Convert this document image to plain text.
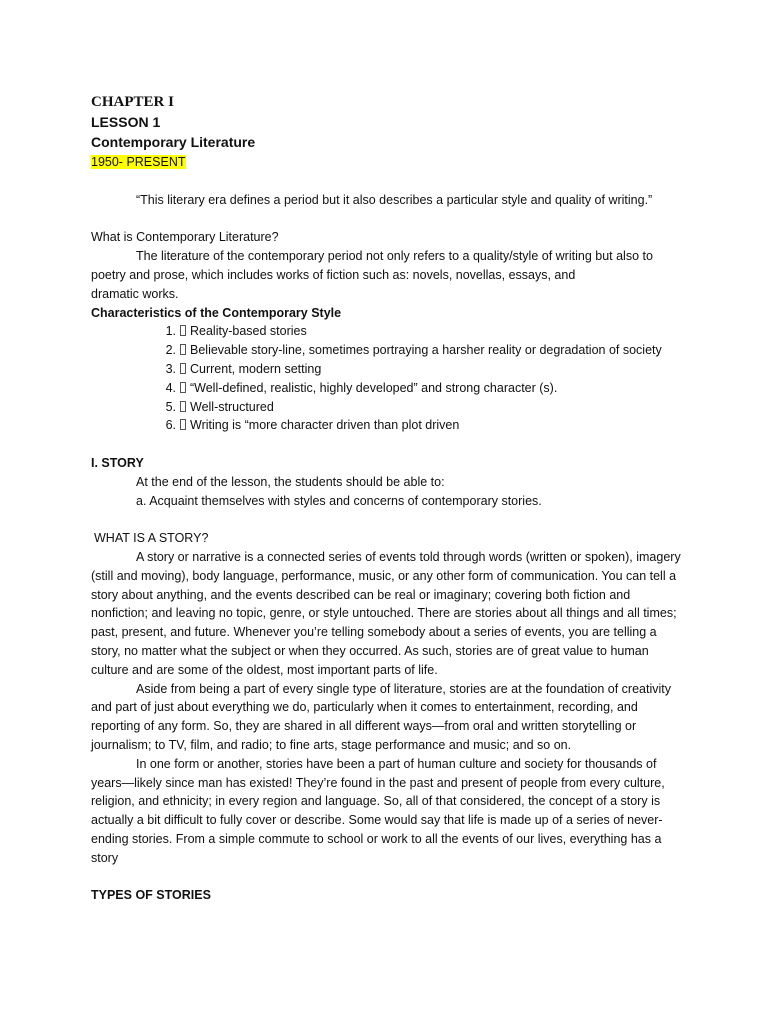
CHAPTER I

LESSON 1

Contemporary Literature

1950- PRESENT

“This literary era defines a period but it also describes a particular style and quality of writing.”

What is Contemporary Literature?

The literature of the contemporary period not only refers to a quality/style of writing but also to poetry and prose, which includes works of fiction such as: novels, novellas, essays, and

dramatic works.

Characteristics of the Contemporary Style

1. Reality-based stories
2. Believable story-line, sometimes portraying a harsher reality or degradation of society
3. Current, modern setting
4. “Well-defined, realistic, highly developed” and strong character (s).
5. Well-structured
6. Writing is “more character driven than plot driven

I. STORY

At the end of the lesson, the students should be able to:

a. Acquaint themselves with styles and concerns of contemporary stories.

WHAT IS A STORY?

A story or narrative is a connected series of events told through words (written or spoken), imagery (still and moving), body language, performance, music, or any other form of communication. You can tell a story about anything, and the events described can be real or imaginary; covering both fiction and nonfiction; and leaving no topic, genre, or style untouched. There are stories about all things and all times; past, present, and future. Whenever you’re telling somebody about a series of events, you are telling a story, no matter what the subject or when they occurred. As such, stories are of great value to human culture and are some of the oldest, most important parts of life.

Aside from being a part of every single type of literature, stories are at the foundation of creativity and part of just about everything we do, particularly when it comes to entertainment, recording, and reporting of any form. So, they are shared in all different ways—from oral and written storytelling or journalism; to TV, film, and radio; to fine arts, stage performance and music; and so on.

In one form or another, stories have been a part of human culture and society for thousands of years—likely since man has existed! They’re found in the past and present of people from every culture, religion, and ethnicity; in every region and language. So, all of that considered, the concept of a story is actually a bit difficult to fully cover or describe. Some would say that life is made up of a series of never-ending stories. From a simple commute to school or work to all the events of our lives, everything has a story

TYPES OF STORIES
